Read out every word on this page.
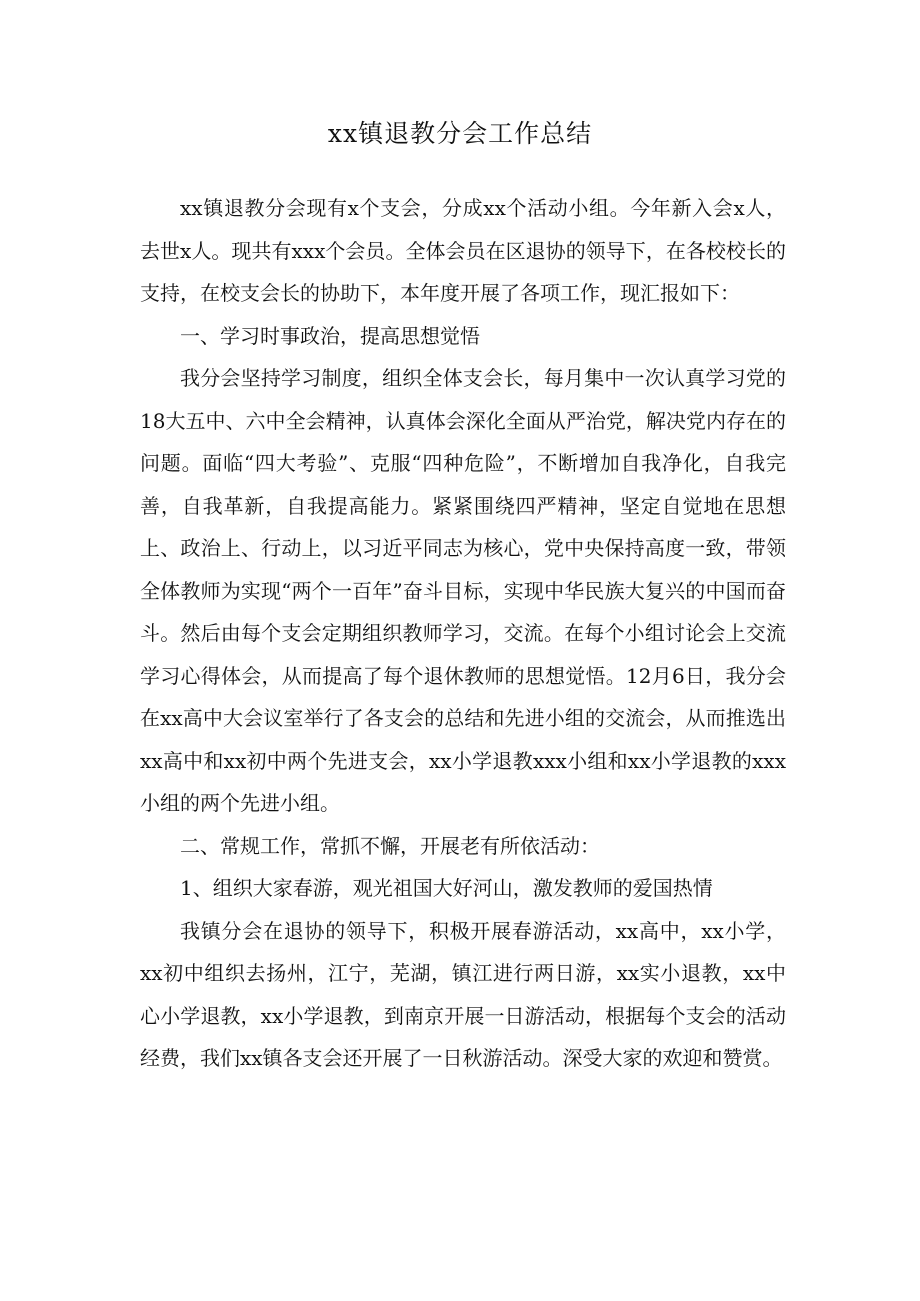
xx镇退教分会工作总结

xx镇退教分会现有x个支会，分成xx个活动小组。今年新入会x人，去世x人。现共有xxx个会员。全体会员在区退协的领导下，在各校校长的支持，在校支会长的协助下，本年度开展了各项工作，现汇报如下：

一、学习时事政治，提高思想觉悟

我分会坚持学习制度，组织全体支会长，每月集中一次认真学习党的18大五中、六中全会精神，认真体会深化全面从严治党，解决党内存在的问题。面临“四大考验”、克服“四种危险”，不断增加自我净化，自我完善，自我革新，自我提高能力。紧紧围绕四严精神，坚定自觉地在思想上、政治上、行动上，以习近平同志为核心，党中央保持高度一致，带领全体教师为实现“两个一百年”奋斗目标，实现中华民族大复兴的中国而奋斗。然后由每个支会定期组织教师学习，交流。在每个小组讨论会上交流学习心得体会，从而提高了每个退休教师的思想觉悟。12月6日，我分会在xx高中大会议室举行了各支会的总结和先进小组的交流会，从而推选出xx高中和xx初中两个先进支会，xx小学退教xxx小组和xx小学退教的xxx小组的两个先进小组。

二、常规工作，常抓不懈，开展老有所依活动：

1、组织大家春游，观光祖国大好河山，激发教师的爱国热情

我镇分会在退协的领导下，积极开展春游活动，xx高中，xx小学，xx初中组织去扬州，江宁，芜湖，镇江进行两日游，xx实小退教，xx中心小学退教，xx小学退教，到南京开展一日游活动，根据每个支会的活动经费，我们xx镇各支会还开展了一日秋游活动。深受大家的欢迎和赞赏。
